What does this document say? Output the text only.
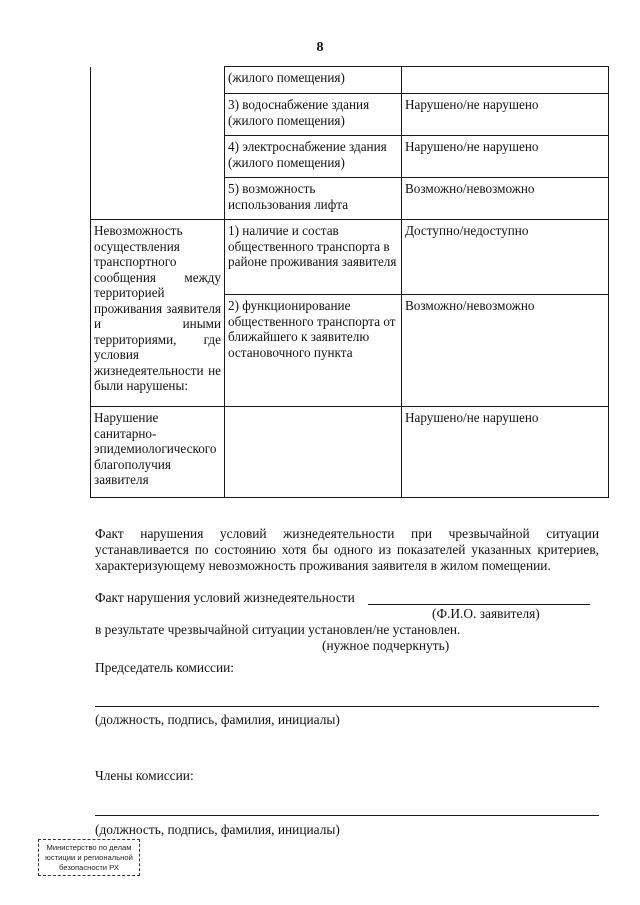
8
	(жилого помещения)	
	3) водоснабжение здания (жилого помещения)	Нарушено/не нарушено
	4) электроснабжение здания (жилого помещения)	Нарушено/не нарушено
	5) возможность использования лифта	Возможно/невозможно
Невозможность осуществления транспортного сообщения между территорией проживания заявителя и иными территориями, где условия жизнедеятельности не были нарушены:	1) наличие и состав общественного транспорта в районе проживания заявителя	Доступно/недоступно
	2) функционирование общественного транспорта от ближайшего к заявителю остановочного пункта	Возможно/невозможно
Нарушение санитарно-эпидемиологического благополучия заявителя		Нарушено/не нарушено
Факт нарушения условий жизнедеятельности при чрезвычайной ситуации устанавливается по состоянию хотя бы одного из показателей указанных критериев, характеризующему невозможность проживания заявителя в жилом помещении.
Факт нарушения условий жизнедеятельности
(Ф.И.О. заявителя)
в результате чрезвычайной ситуации установлен/не установлен.
(нужное подчеркнуть)
Председатель комиссии:
(должность, подпись, фамилия, инициалы)
Члены комиссии:
(должность, подпись, фамилия, инициалы)
Министерство по делам
юстиции и региональной
безопасности РХ
